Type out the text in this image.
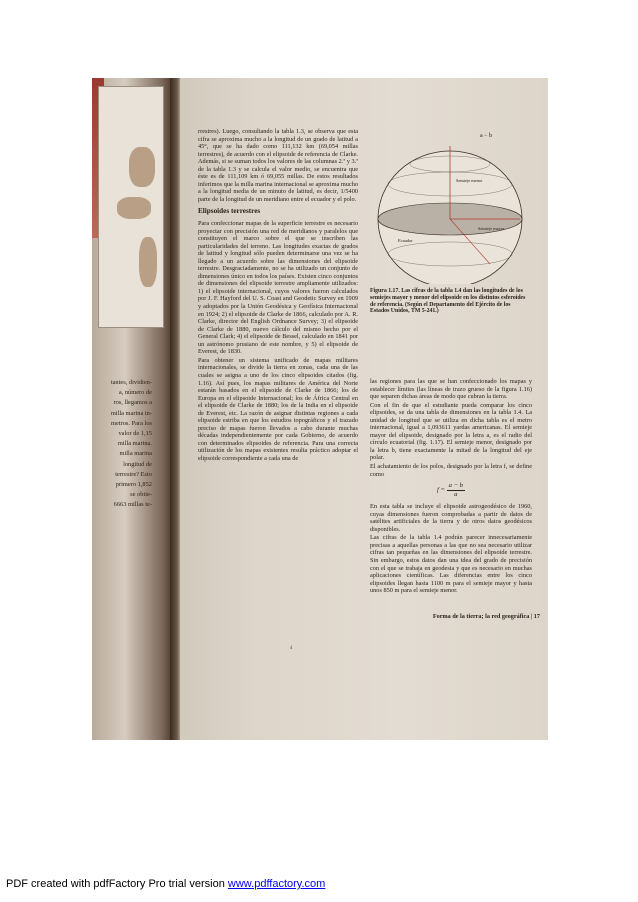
tantes, dividien-
a, número de
ros, llegamos a
milla marina in-
metros. Para los
valor de 1,15
milla marina.
milla marina
longitud de
terrestre? Esto
primero 1,852
se obtie-
6663 millas te-

rrestres). Luego, consultando la tabla 1.3, se observa que esta cifra se aproxima mucho a la longitud de un grado de latitud a 45°, que se ha dado como 111,132 km (69,054 millas terrestres), de acuerdo con el elipsoide de referencia de Clarke. Además, si se suman todos los valores de las columnas 2.ª y 3.ª de la tabla 1.3 y se calcula el valor medio, se encuentra que éste es de 111,109 km ó 69,055 millas. De estos resultados inferimos que la milla marina internacional se aproxima mucho a la longitud media de un minuto de latitud, es decir, 1/5400 parte de la longitud de un meridiano entre el ecuador y el polo.

Elipsoides terrestres

Para confeccionar mapas de la superficie terrestre es necesario proyectar con precisión una red de meridianos y paralelos que constituyen el marco sobre el que se inscriben las particularidades del terreno. Las longitudes exactas de grados de latitud y longitud sólo pueden determinarse una vez se ha llegado a un acuerdo sobre las dimensiones del elipsoide terrestre. Desgraciadamente, no se ha utilizado un conjunto de dimensiones único en todos los países. Existen cinco conjuntos de dimensiones del elipsoide terrestre ampliamente utilizados: 1) el elipsoide internacional, cuyos valores fueron calculados por J. F. Hayford del U. S. Coast and Geodetic Survey en 1909 y adoptados por la Unión Geodésica y Geofísica Internacional en 1924; 2) el elipsoide de Clarke de 1866, calculado por A. R. Clarke, director del English Ordnance Survey; 3) el elipsoide de Clarke de 1880, nuevo cálculo del mismo hecho por el General Clark; 4) el elipsoide de Bessel, calculado en 1841 por un astrónomo prusiano de este nombre, y 5) el elipsoide de Everest, de 1830.

Para obtener un sistema unificado de mapas militares internacionales, se divide la tierra en zonas, cada una de las cuales se asigna a uno de los cinco elipsoides citados (fig. 1.16). Así pues, los mapas militares de América del Norte estarán basados en el elipsoide de Clarke de 1866; los de Europa en el elipsoide Internacional; los de África Central en el elipsoide de Clarke de 1880; los de la India en el elipsoide de Everest, etc. La razón de asignar distintas regiones a cada elipsoide estriba en que los estudios topográficos y el trazado preciso de mapas fueron llevados a cabo durante muchas décadas independientemente por cada Gobierno, de acuerdo con determinados elipsoides de referencia. Para una correcta utilización de los mapas existentes resulta práctico adoptar el elipsoide correspondiente a cada una de

a − b
Semieje menor
Semieje mayor
Ecuador
Figura 1.17. Las cifras de la tabla 1.4 dan las longitudes de los semiejes mayor y menor del elipsoide en los distintos esferoides de referencia. (Según el Departamento del Ejército de los Estados Unidos, TM 5-241.)

las regiones para las que se han confeccionado los mapas y establecer límites (las líneas de trazo grueso de la figura 1.16) que separen dichas áreas de modo que cubran la tierra.

Con el fin de que el estudiante pueda comparar los cinco elipsoides, se da una tabla de dimensiones en la tabla 1.4. La unidad de longitud que se utiliza en dicha tabla es el metro internacional, igual a 1,093611 yardas americanas. El semieje mayor del elipsoide, designado por la letra a, es el radio del círculo ecuatorial (fig. 1.17). El semieje menor, designado por la letra b, tiene exactamente la mitad de la longitud del eje polar.

El achatamiento de los polos, designado por la letra f, se define como

$f = \frac{a - b}{a}$

En esta tabla se incluye el elipsoide astrogeodésico de 1960, cuyas dimensiones fueron comprobadas a partir de datos de satélites artificiales de la tierra y de otros datos geodésicos disponibles.

Las cifras de la tabla 1.4 podrán parecer innecesariamente precisas a aquellas personas a las que no sea necesario utilizar cifras tan pequeñas en las dimensiones del elipsoide terrestre. Sin embargo, estos datos dan una idea del grado de precisión con el que se trabaja en geodesia y que es necesario en muchas aplicaciones científicas. Las diferencias entre los cinco elipsoides llegan hasta 1100 m para el semieje mayor y hasta unos 850 m para el semieje menor.

Forma de la tierra; la red geográfica | 17
4
PDF created with pdfFactory Pro trial version www.pdffactory.com
